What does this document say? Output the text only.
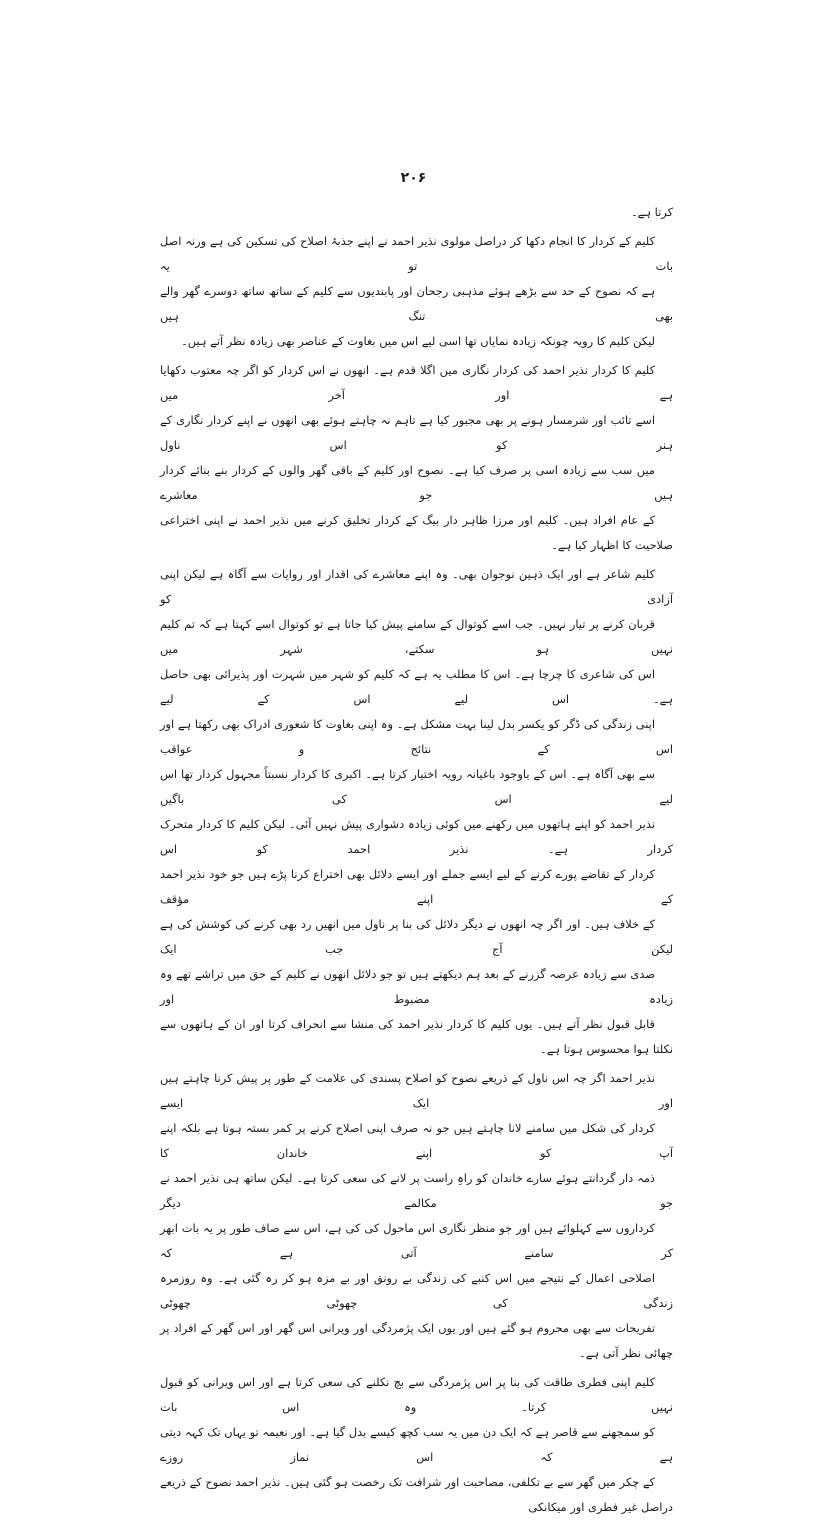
۲۰۶

کرتا ہے۔

کلیم کے کردار کا انجام دکھا کر دراصل مولوی نذیر احمد نے اپنے جذبۂ اصلاح کی تسکین کی ہے ورنہ اصل بات تو یہ
ہے کہ نصوح کے حد سے بڑھے ہوئے مذہبی رجحان اور پابندیوں سے کلیم کے ساتھ ساتھ دوسرے گھر والے بھی تنگ ہیں
لیکن کلیم کا رویہ چونکہ زیادہ نمایاں تھا اسی لیے اس میں بغاوت کے عناصر بھی زیادہ نظر آتے ہیں۔

کلیم کا کردار نذیر احمد کی کردار نگاری میں اگلا قدم ہے۔ انھوں نے اس کردار کو اگر چہ معتوب دکھایا ہے اور آخر میں
اسے تائب اور شرمسار ہونے پر بھی مجبور کیا ہے تاہم نہ چاہتے ہوئے بھی انھوں نے اپنے کردار نگاری کے ہنر کو اس ناول
میں سب سے زیادہ اسی پر صرف کیا ہے۔ نصوح اور کلیم کے باقی گھر والوں کے کردار بنے بنائے کردار ہیں جو معاشرے
کے عام افراد ہیں۔ کلیم اور مرزا ظاہر دار بیگ کے کردار تخلیق کرنے میں نذیر احمد نے اپنی اختراعی صلاحیت کا اظہار کیا ہے۔

کلیم شاعر ہے اور ایک ذہین نوجوان بھی۔ وہ اپنے معاشرے کی اقدار اور روایات سے آگاہ ہے لیکن اپنی آزادی کو
قربان کرنے پر تیار نہیں۔ جب اسے کوتوال کے سامنے پیش کیا جاتا ہے تو کوتوال اسے کہتا ہے کہ تم کلیم نہیں ہو سکتے، شہر میں
اس کی شاعری کا چرچا ہے۔ اس کا مطلب یہ ہے کہ کلیم کو شہر میں شہرت اور پذیرائی بھی حاصل ہے۔ اس لیے اس کے لیے
اپنی زندگی کی ڈگر کو یکسر بدل لینا بہت مشکل ہے۔ وہ اپنی بغاوت کا شعوری ادراک بھی رکھتا ہے اور اس کے نتائج و عواقب
سے بھی آگاہ ہے۔ اس کے باوجود باغیانہ رویہ اختیار کرتا ہے۔ اکبری کا کردار نسبتاً مجہول کردار تھا اس لیے اس کی باگیں
نذیر احمد کو اپنے ہاتھوں میں رکھنے میں کوئی زیادہ دشواری پیش نہیں آئی۔ لیکن کلیم کا کردار متحرک کردار ہے۔ نذیر احمد کو اس
کردار کے تقاضے پورے کرنے کے لیے ایسے جملے اور ایسے دلائل بھی اختراع کرنا پڑے ہیں جو خود نذیر احمد کے اپنے مؤقف
کے خلاف ہیں۔ اور اگر چہ انھوں نے دیگر دلائل کی بنا پر ناول میں انھیں رد بھی کرنے کی کوشش کی ہے لیکن آج جب ایک
صدی سے زیادہ عرصہ گزرنے کے بعد ہم دیکھتے ہیں تو جو دلائل انھوں نے کلیم کے حق میں تراشے تھے وہ زیادہ مضبوط اور
قابل قبول نظر آتے ہیں۔ یوں کلیم کا کردار نذیر احمد کی منشا سے انحراف کرتا اور ان کے ہاتھوں سے نکلتا ہوا محسوس ہوتا ہے۔

نذیر احمد اگر چہ اس ناول کے ذریعے نصوح کو اصلاح پسندی کی علامت کے طور پر پیش کرنا چاہتے ہیں اور ایک ایسے
کردار کی شکل میں سامنے لانا چاہتے ہیں جو نہ صرف اپنی اصلاح کرنے پر کمر بستہ ہوتا ہے بلکہ اپنے آپ کو اپنے خاندان کا
ذمہ دار گردانتے ہوئے سارے خاندان کو راہِ راست پر لانے کی سعی کرتا ہے۔ لیکن ساتھ ہی نذیر احمد نے جو مکالمے دیگر
کرداروں سے کہلوائے ہیں اور جو منظر نگاری اس ماحول کی کی ہے، اس سے صاف طور پر یہ بات ابھر کر سامنے آتی ہے کہ
اصلاحی اعمال کے نتیجے میں اس کنبے کی زندگی بے رونق اور بے مزہ ہو کر رہ گئی ہے۔ وہ روزمرہ زندگی کی چھوٹی چھوٹی
تفریحات سے بھی محروم ہو گئے ہیں اور یوں ایک پژمردگی اور ویرانی اس گھر اور اس گھر کے افراد پر چھائی نظر آتی ہے۔

کلیم اپنی فطری طاقت کی بنا پر اس پژمردگی سے بچ نکلنے کی سعی کرتا ہے اور اس ویرانی کو قبول نہیں کرتا۔ وہ اس بات
کو سمجھنے سے قاصر ہے کہ ایک دن میں یہ سب کچھ کیسے بدل گیا ہے۔ اور نعیمہ تو یہاں تک کہہ دیتی ہے کہ اس نماز روزے
کے چکر میں گھر سے بے تکلفی، مصاحبت اور شرافت تک رخصت ہو گئی ہیں۔ نذیر احمد نصوح کے ذریعے دراصل غیر فطری اور میکانکی
